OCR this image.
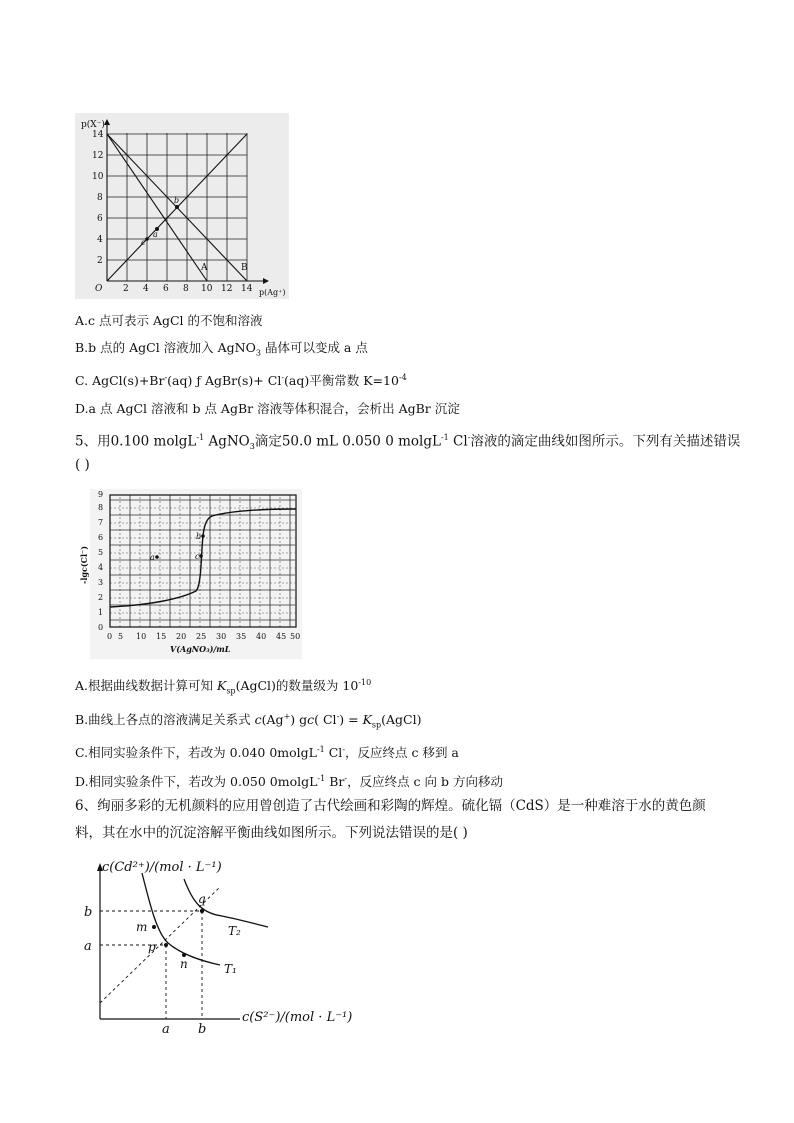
p(X⁻)
p(Ag⁺)
O 2 4 6 8 10 12 14
2
4
6
8
10
12
14
A	B
a
b
c
A.c 点可表示 AgCl 的不饱和溶液
B.b 点的 AgCl 溶液加入 AgNO$_3$ 晶体可以变成 a 点
C. AgCl(s)+Br-(aq) ƒ AgBr(s)+ Cl-(aq)平衡常数 $K=10^{-4}$
D.a 点 AgCl 溶液和 b 点 AgBr 溶液等体积混合，会析出 AgBr 沉淀
5、用0.100 molgL$^{-1}$ AgNO$_3$滴定50.0 mL 0.050 0 molgL$^{-1}$ Cl-溶液的滴定曲线如图所示。下列有关描述错误
( )
a
b
c
0
1
2
3
4
5
6
7
8
9
0 5 10 15 20 25 30 35 40 45 50
V(AgNO₃)/mL
-lgc(Cl⁻)
A.根据曲线数据计算可知 $K_{sp}(AgCl)$的数量级为 $10^{-10}$
B.曲线上各点的溶液满足关系式 c(Ag+) gc( $Cl^-) = K_{sp}(AgCl)$
C.相同实验条件下，若改为 0.040 0molgL$^{-1}$ Cl-，反应终点 c 移到 a
D.相同实验条件下，若改为 0.050 0molgL$^{-1}$ Br-，反应终点 c 向 b 方向移动
6、绚丽多彩的无机颜料的应用曾创造了古代绘画和彩陶的辉煌。硫化镉（CdS）是一种难溶于水的黄色颜
料，其在水中的沉淀溶解平衡曲线如图所示。下列说法错误的是( )
c(Cd²⁺)/(mol · L⁻¹)
c(S²⁻)/(mol · L⁻¹)
a b
b
a
T₂
T₁
q
m
p
n
